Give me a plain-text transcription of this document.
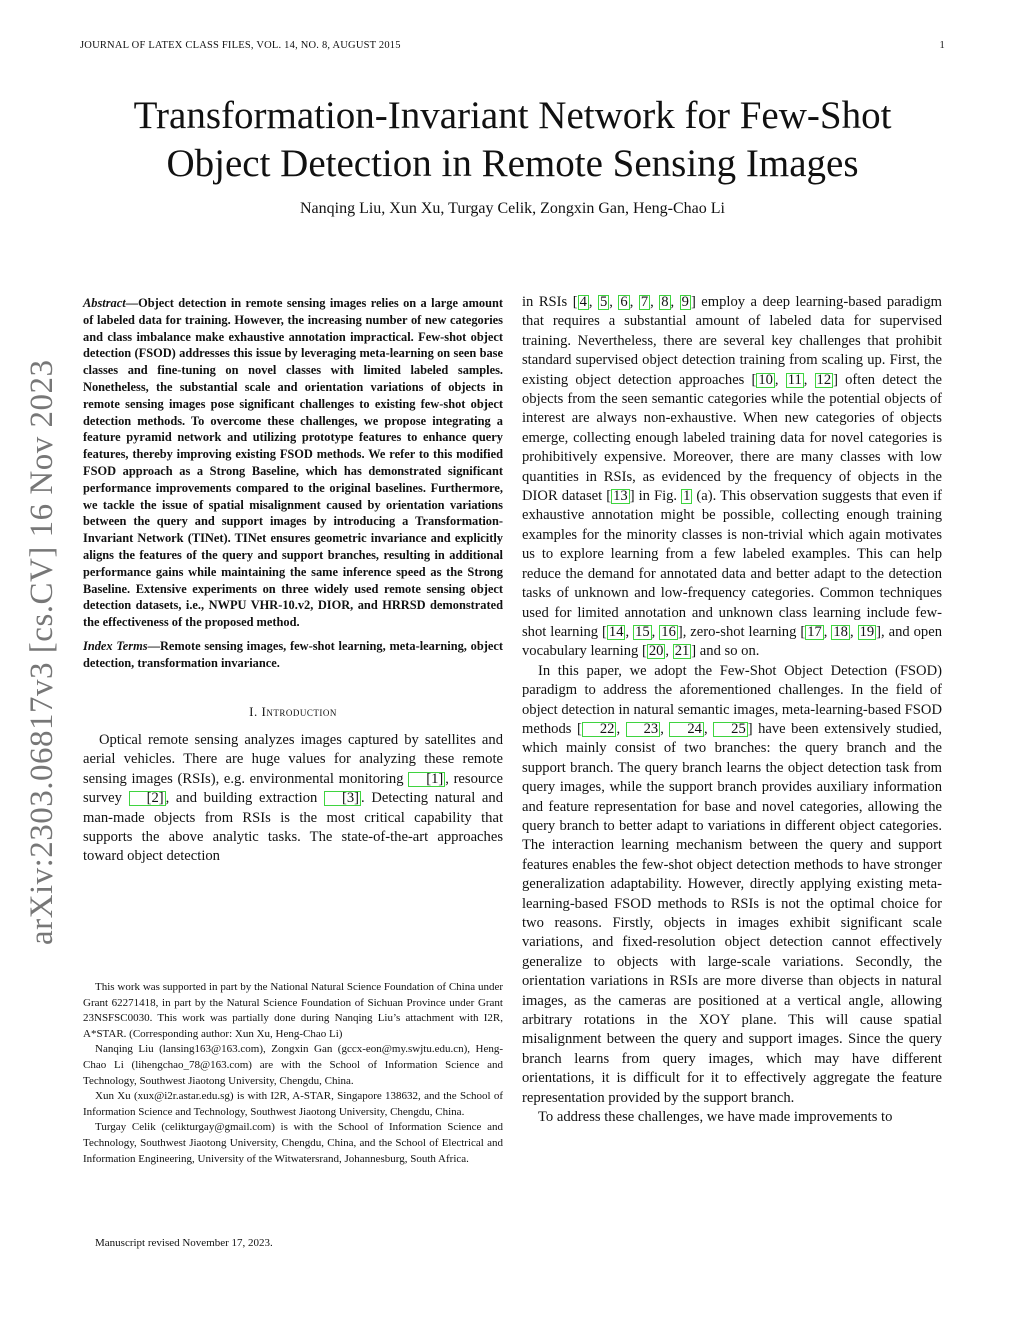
JOURNAL OF LATEX CLASS FILES, VOL. 14, NO. 8, AUGUST 2015	1
arXiv:2303.06817v3 [cs.CV] 16 Nov 2023
Transformation-Invariant Network for Few-Shot Object Detection in Remote Sensing Images
Nanqing Liu, Xun Xu, Turgay Celik, Zongxin Gan, Heng-Chao Li

Abstract—Object detection in remote sensing images relies on a large amount of labeled data for training. However, the increasing number of new categories and class imbalance make exhaustive annotation impractical. Few-shot object detection (FSOD) addresses this issue by leveraging meta-learning on seen base classes and fine-tuning on novel classes with limited labeled samples. Nonetheless, the substantial scale and orientation variations of objects in remote sensing images pose significant challenges to existing few-shot object detection methods. To overcome these challenges, we propose integrating a feature pyramid network and utilizing prototype features to enhance query features, thereby improving existing FSOD methods. We refer to this modified FSOD approach as a Strong Baseline, which has demonstrated significant performance improvements compared to the original baselines. Furthermore, we tackle the issue of spatial misalignment caused by orientation variations between the query and support images by introducing a Transformation-Invariant Network (TINet). TINet ensures geometric invariance and explicitly aligns the features of the query and support branches, resulting in additional performance gains while maintaining the same inference speed as the Strong Baseline. Extensive experiments on three widely used remote sensing object detection datasets, i.e., NWPU VHR-10.v2, DIOR, and HRRSD demonstrated the effectiveness of the proposed method.

Index Terms—Remote sensing images, few-shot learning, meta-learning, object detection, transformation invariance.

I. Introduction

Optical remote sensing analyzes images captured by satellites and aerial vehicles. There are huge values for analyzing these remote sensing images (RSIs), e.g. environmental monitoring [1] , resource survey [2] , and building extraction [3] . Detecting natural and man-made objects from RSIs is the most critical capability that supports the above analytic tasks. The state-of-the-art approaches toward object detection

This work was supported in part by the National Natural Science Foundation of China under Grant 62271418, in part by the Natural Science Foundation of Sichuan Province under Grant 23NSFSC0030. This work was partially done during Nanqing Liu’s attachment with I2R, A*STAR. (Corresponding author: Xun Xu, Heng-Chao Li)

Nanqing Liu (lansing163@163.com), Zongxin Gan (gccx-eon@my.swjtu.edu.cn), Heng-Chao Li (lihengchao_78@163.com) are with the School of Information Science and Technology, Southwest Jiaotong University, Chengdu, China.

Xun Xu (xux@i2r.astar.edu.sg) is with I2R, A-STAR, Singapore 138632, and the School of Information Science and Technology, Southwest Jiaotong University, Chengdu, China.

Turgay Celik (celikturgay@gmail.com) is with the School of Information Science and Technology, Southwest Jiaotong University, Chengdu, China, and the School of Electrical and Information Engineering, University of the Witwatersrand, Johannesburg, South Africa.

Manuscript revised November 17, 2023.

in RSIs [ 4 , 5 , 6 , 7 , 8 , 9 ] employ a deep learning-based paradigm that requires a substantial amount of labeled data for supervised training. Nevertheless, there are several key challenges that prohibit standard supervised object detection training from scaling up. First, the existing object detection approaches [ 10 , 11 , 12 ] often detect the objects from the seen semantic categories while the potential objects of interest are always non-exhaustive. When new categories of objects emerge, collecting enough labeled training data for novel categories is prohibitively expensive. Moreover, there are many classes with low quantities in RSIs, as evidenced by the frequency of objects in the DIOR dataset [ 13 ] in Fig. 1 (a). This observation suggests that even if exhaustive annotation might be possible, collecting enough training examples for the minority classes is non-trivial which again motivates us to explore learning from a few labeled examples. This can help reduce the demand for annotated data and better adapt to the detection tasks of unknown and low-frequency categories. Common techniques used for limited annotation and unknown class learning include few-shot learning [ 14 , 15 , 16 ], zero-shot learning [ 17 , 18 , 19 ], and open vocabulary learning [ 20 , 21 ] and so on.

In this paper, we adopt the Few-Shot Object Detection (FSOD) paradigm to address the aforementioned challenges. In the field of object detection in natural semantic images, meta-learning-based FSOD methods [ 22 , 23 , 24 , 25 ] have been extensively studied, which mainly consist of two branches: the query branch and the support branch. The query branch learns the object detection task from query images, while the support branch provides auxiliary information and feature representation for base and novel categories, allowing the query branch to better adapt to variations in different object categories. The interaction learning mechanism between the query and support features enables the few-shot object detection methods to have stronger generalization adaptability. However, directly applying existing meta-learning-based FSOD methods to RSIs is not the optimal choice for two reasons. Firstly, objects in images exhibit significant scale variations, and fixed-resolution object detection cannot effectively generalize to objects with large-scale variations. Secondly, the orientation variations in RSIs are more diverse than objects in natural images, as the cameras are positioned at a vertical angle, allowing arbitrary rotations in the XOY plane. This will cause spatial misalignment between the query and support images. Since the query branch learns from query images, which may have different orientations, it is difficult for it to effectively aggregate the feature representation provided by the support branch.

To address these challenges, we have made improvements to
